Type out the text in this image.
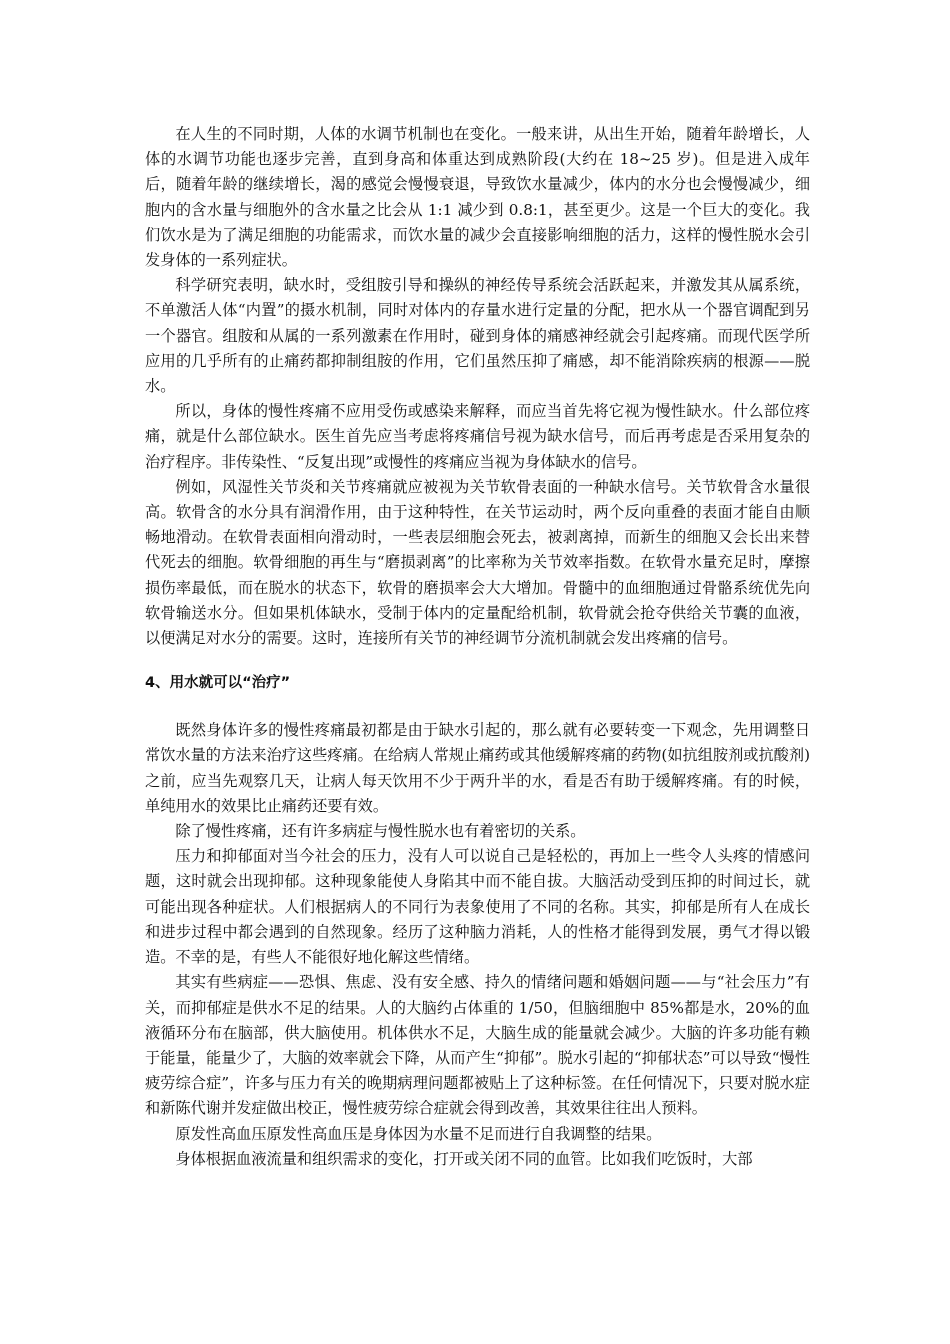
在人生的不同时期，人体的水调节机制也在变化。一般来讲，从出生开始，随着年龄增长，人体的水调节功能也逐步完善，直到身高和体重达到成熟阶段(大约在 18~25 岁)。但是进入成年后，随着年龄的继续增长，渴的感觉会慢慢衰退，导致饮水量减少，体内的水分也会慢慢减少，细胞内的含水量与细胞外的含水量之比会从 1:1 减少到 0.8:1，甚至更少。这是一个巨大的变化。我们饮水是为了满足细胞的功能需求，而饮水量的减少会直接影响细胞的活力，这样的慢性脱水会引发身体的一系列症状。

科学研究表明，缺水时，受组胺引导和操纵的神经传导系统会活跃起来，并激发其从属系统，不单激活人体“内置”的摄水机制，同时对体内的存量水进行定量的分配，把水从一个器官调配到另一个器官。组胺和从属的一系列激素在作用时，碰到身体的痛感神经就会引起疼痛。而现代医学所应用的几乎所有的止痛药都抑制组胺的作用，它们虽然压抑了痛感，却不能消除疾病的根源——脱水。

所以，身体的慢性疼痛不应用受伤或感染来解释，而应当首先将它视为慢性缺水。什么部位疼痛，就是什么部位缺水。医生首先应当考虑将疼痛信号视为缺水信号，而后再考虑是否采用复杂的治疗程序。非传染性、“反复出现”或慢性的疼痛应当视为身体缺水的信号。

例如，风湿性关节炎和关节疼痛就应被视为关节软骨表面的一种缺水信号。关节软骨含水量很高。软骨含的水分具有润滑作用，由于这种特性，在关节运动时，两个反向重叠的表面才能自由顺畅地滑动。在软骨表面相向滑动时，一些表层细胞会死去，被剥离掉，而新生的细胞又会长出来替代死去的细胞。软骨细胞的再生与“磨损剥离”的比率称为关节效率指数。在软骨水量充足时，摩擦损伤率最低，而在脱水的状态下，软骨的磨损率会大大增加。骨髓中的血细胞通过骨骼系统优先向软骨输送水分。但如果机体缺水，受制于体内的定量配给机制，软骨就会抢夺供给关节囊的血液，以便满足对水分的需要。这时，连接所有关节的神经调节分流机制就会发出疼痛的信号。

4、用水就可以“治疗”

既然身体许多的慢性疼痛最初都是由于缺水引起的，那么就有必要转变一下观念，先用调整日常饮水量的方法来治疗这些疼痛。在给病人常规止痛药或其他缓解疼痛的药物(如抗组胺剂或抗酸剂)之前，应当先观察几天，让病人每天饮用不少于两升半的水，看是否有助于缓解疼痛。有的时候，单纯用水的效果比止痛药还要有效。

除了慢性疼痛，还有许多病症与慢性脱水也有着密切的关系。

压力和抑郁面对当今社会的压力，没有人可以说自己是轻松的，再加上一些令人头疼的情感问题，这时就会出现抑郁。这种现象能使人身陷其中而不能自拔。大脑活动受到压抑的时间过长，就可能出现各种症状。人们根据病人的不同行为表象使用了不同的名称。其实，抑郁是所有人在成长和进步过程中都会遇到的自然现象。经历了这种脑力消耗，人的性格才能得到发展，勇气才得以锻造。不幸的是，有些人不能很好地化解这些情绪。

其实有些病症——恐惧、焦虑、没有安全感、持久的情绪问题和婚姻问题——与“社会压力”有关，而抑郁症是供水不足的结果。人的大脑约占体重的 1/50，但脑细胞中 85%都是水，20%的血液循环分布在脑部，供大脑使用。机体供水不足，大脑生成的能量就会减少。大脑的许多功能有赖于能量，能量少了，大脑的效率就会下降，从而产生“抑郁”。脱水引起的“抑郁状态”可以导致“慢性疲劳综合症”，许多与压力有关的晚期病理问题都被贴上了这种标签。在任何情况下，只要对脱水症和新陈代谢并发症做出校正，慢性疲劳综合症就会得到改善，其效果往往出人预料。

原发性高血压原发性高血压是身体因为水量不足而进行自我调整的结果。

身体根据血液流量和组织需求的变化，打开或关闭不同的血管。比如我们吃饭时，大部
